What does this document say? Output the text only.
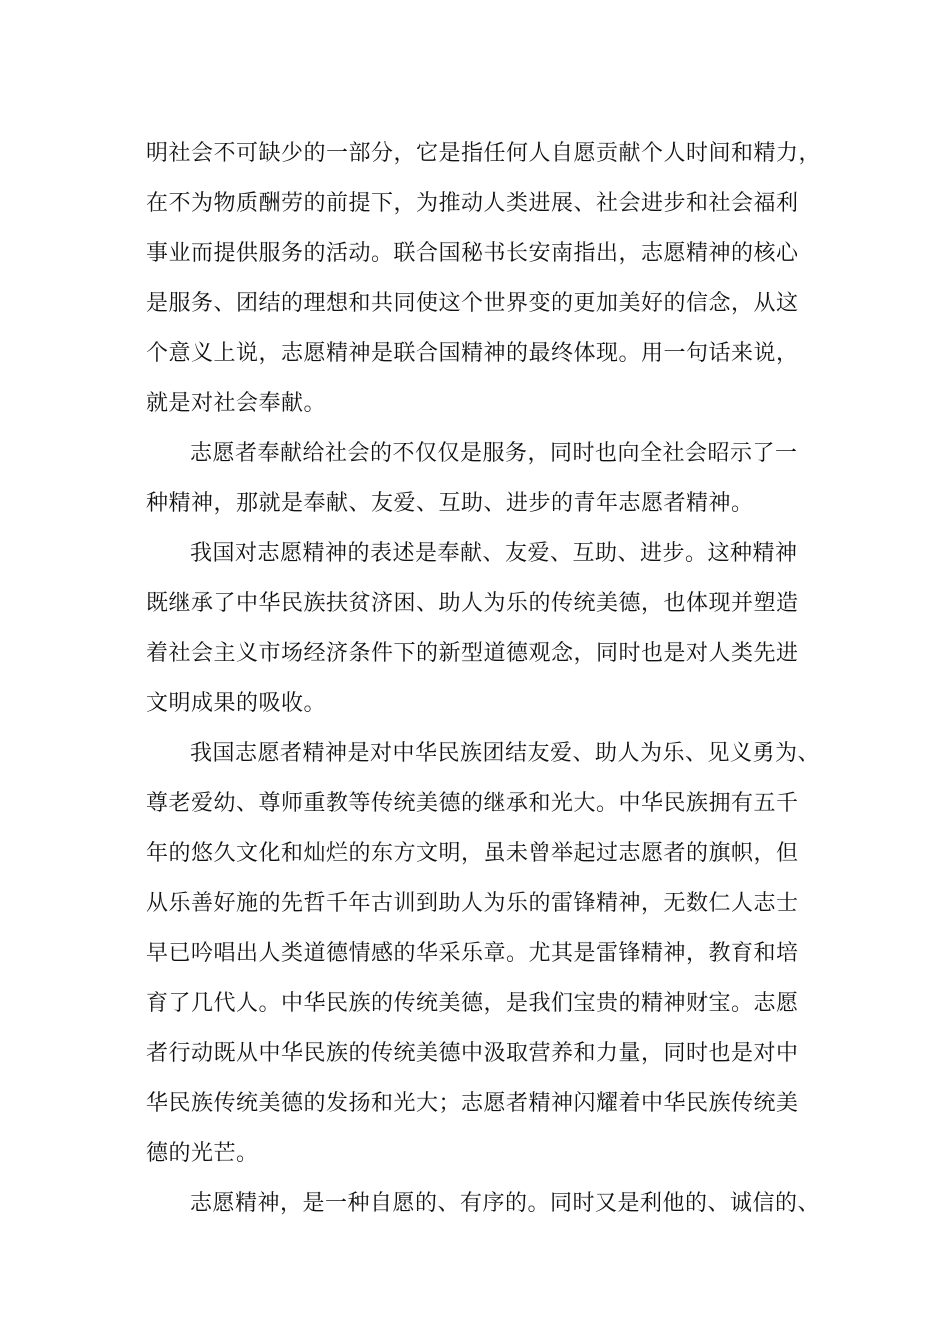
明社会不可缺少的一部分，它是指任何人自愿贡献个人时间和精力，
在不为物质酬劳的前提下，为推动人类进展、社会进步和社会福利
事业而提供服务的活动。联合国秘书长安南指出，志愿精神的核心
是服务、团结的理想和共同使这个世界变的更加美好的信念，从这
个意义上说，志愿精神是联合国精神的最终体现。用一句话来说，
就是对社会奉献。
志愿者奉献给社会的不仅仅是服务，同时也向全社会昭示了一
种精神，那就是奉献、友爱、互助、进步的青年志愿者精神。
我国对志愿精神的表述是奉献、友爱、互助、进步。这种精神
既继承了中华民族扶贫济困、助人为乐的传统美德，也体现并塑造
着社会主义市场经济条件下的新型道德观念，同时也是对人类先进
文明成果的吸收。
我国志愿者精神是对中华民族团结友爱、助人为乐、见义勇为、
尊老爱幼、尊师重教等传统美德的继承和光大。中华民族拥有五千
年的悠久文化和灿烂的东方文明，虽未曾举起过志愿者的旗帜，但
从乐善好施的先哲千年古训到助人为乐的雷锋精神，无数仁人志士
早已吟唱出人类道德情感的华采乐章。尤其是雷锋精神，教育和培
育了几代人。中华民族的传统美德，是我们宝贵的精神财宝。志愿
者行动既从中华民族的传统美德中汲取营养和力量，同时也是对中
华民族传统美德的发扬和光大；志愿者精神闪耀着中华民族传统美
德的光芒。
志愿精神，是一种自愿的、有序的。同时又是利他的、诚信的、
